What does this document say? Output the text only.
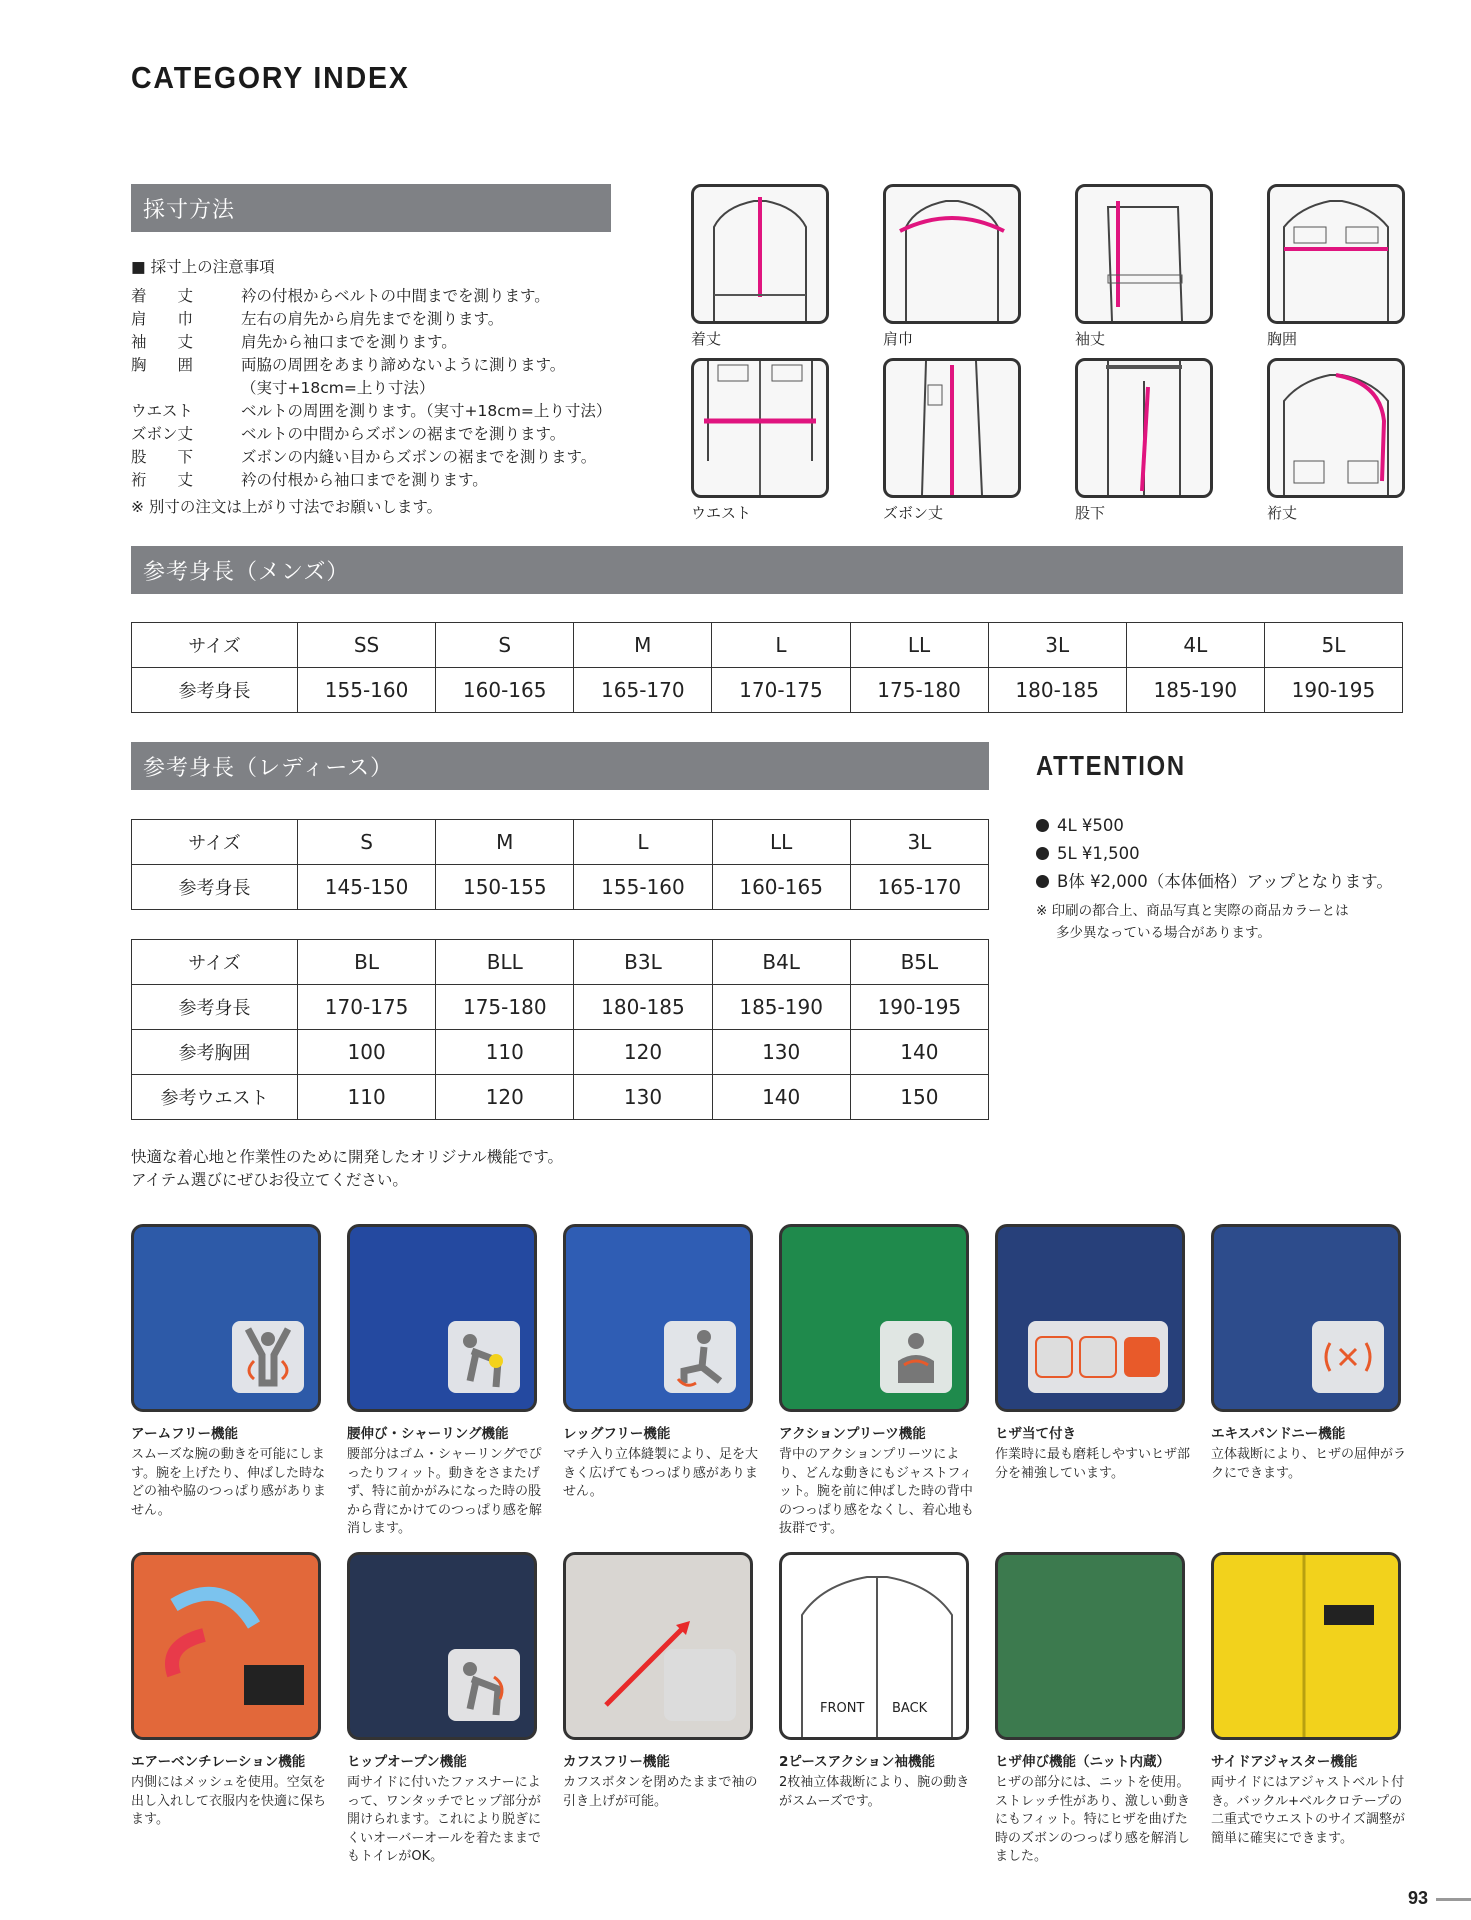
CATEGORY INDEX
採寸方法
■ 採寸上の注意事項
着　　丈	衿の付根からベルトの中間までを測ります。
肩　　巾	左右の肩先から肩先までを測ります。
袖　　丈	肩先から袖口までを測ります。
胸　　囲	両脇の周囲をあまり諦めないように測ります。
（実寸+18cm=上り寸法）
ウエスト	ベルトの周囲を測ります。（実寸+18cm=上り寸法）
ズボン丈	ベルトの中間からズボンの裾までを測ります。
股　　下	ズボンの内縫い目からズボンの裾までを測ります。
裄　　丈	衿の付根から袖口までを測ります。
※ 別寸の注文は上がり寸法でお願いします。
着丈	肩巾	袖丈	胸囲
ウエスト	ズボン丈	股下	裄丈
参考身長（メンズ）
サイズ	SS	S	M	L	LL	3L	4L	5L
参考身長	155-160	160-165	165-170	170-175	175-180	180-185	185-190	190-195
参考身長（レディース）
サイズ	S	M	L	LL	3L
参考身長	145-150	150-155	155-160	160-165	165-170
サイズ	BL	BLL	B3L	B4L	B5L
参考身長	170-175	175-180	180-185	185-190	190-195
参考胸囲	100	110	120	130	140
参考ウエスト	110	120	130	140	150
ATTENTION
4L ¥500
5L ¥1,500
B体 ¥2,000（本体価格）アップとなります。
※ 印刷の都合上、商品写真と実際の商品カラーとは
多少異なっている場合があります。
快適な着心地と作業性のために開発したオリジナル機能です。
アイテム選びにぜひお役立てください。
アームフリー機能
スムーズな腕の動きを可能にします。腕を上げたり、伸ばした時などの袖や脇のつっぱり感がありません。
腰伸び・シャーリング機能
腰部分はゴム・シャーリングでぴったりフィット。動きをさまたげず、特に前かがみになった時の股から背にかけてのつっぱり感を解消します。
レッグフリー機能
マチ入り立体縫製により、足を大きく広げてもつっぱり感がありません。
アクションプリーツ機能
背中のアクションプリーツにより、どんな動きにもジャストフィット。腕を前に伸ばした時の背中のつっぱり感をなくし、着心地も抜群です。
ヒザ当て付き
作業時に最も磨耗しやすいヒザ部分を補強しています。
エキスパンドニー機能
立体裁断により、ヒザの屈伸がラクにできます。
エアーベンチレーション機能
内側にはメッシュを使用。空気を出し入れして衣服内を快適に保ちます。
ヒップオープン機能
両サイドに付いたファスナーによって、ワンタッチでヒップ部分が開けられます。これにより脱ぎにくいオーバーオールを着たままでもトイレがOK。
カフスフリー機能
カフスボタンを閉めたままで袖の引き上げが可能。
FRONT BACK
2ピースアクション袖機能
2枚袖立体裁断により、腕の動きがスムーズです。
ヒザ伸び機能（ニット内蔵）
ヒザの部分には、ニットを使用。ストレッチ性があり、激しい動きにもフィット。特にヒザを曲げた時のズボンのつっぱり感を解消しました。
サイドアジャスター機能
両サイドにはアジャストベルト付き。バックル+ベルクロテープの二重式でウエストのサイズ調整が簡単に確実にできます。
93
